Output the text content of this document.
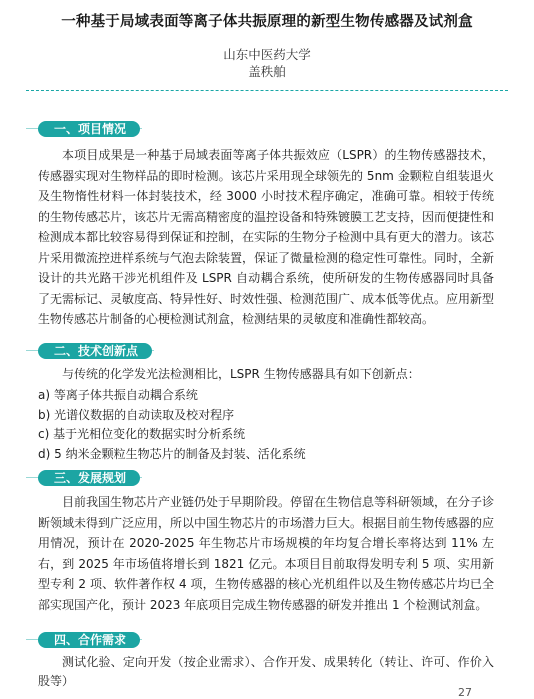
一种基于局域表面等离子体共振原理的新型生物传感器及试剂盒
山东中医药大学
盖秩舶
一、项目情况
本项目成果是一种基于局域表面等离子体共振效应（LSPR）的生物传感器技术，传感器实现对生物样品的即时检测。该芯片采用现全球领先的 5nm 金颗粒自组装退火及生物惰性材料一体封装技术，经 3000 小时技术程序确定，准确可靠。相较于传统的生物传感芯片，该芯片无需高精密度的温控设备和特殊镀膜工艺支持，因而便捷性和检测成本都比较容易得到保证和控制，在实际的生物分子检测中具有更大的潜力。该芯片采用微流控进样系统与气泡去除装置，保证了微量检测的稳定性可靠性。同时，全新设计的共光路干涉光机组件及 LSPR 自动耦合系统，使所研发的生物传感器同时具备了无需标记、灵敏度高、特异性好、时效性强、检测范围广、成本低等优点。应用新型生物传感芯片制备的心梗检测试剂盒，检测结果的灵敏度和准确性都较高。
二、技术创新点
与传统的化学发光法检测相比，LSPR 生物传感器具有如下创新点：
a) 等离子体共振自动耦合系统
b) 光谱仪数据的自动读取及校对程序
c) 基于光相位变化的数据实时分析系统
d) 5 纳米金颗粒生物芯片的制备及封装、活化系统
三、发展规划
目前我国生物芯片产业链仍处于早期阶段。停留在生物信息等科研领域，在分子诊断领域未得到广泛应用，所以中国生物芯片的市场潜力巨大。根据目前生物传感器的应用情况，预计在 2020-2025 年生物芯片市场规模的年均复合增长率将达到 11% 左右，到 2025 年市场值将增长到 1821 亿元。本项目目前取得发明专利 5 项、实用新型专利 2 项、软件著作权 4 项，生物传感器的核心光机组件以及生物传感芯片均已全部实现国产化，预计 2023 年底项目完成生物传感器的研发并推出 1 个检测试剂盒。
四、合作需求
测试化验、定向开发（按企业需求）、合作开发、成果转化（转让、许可、作价入股等）
27
